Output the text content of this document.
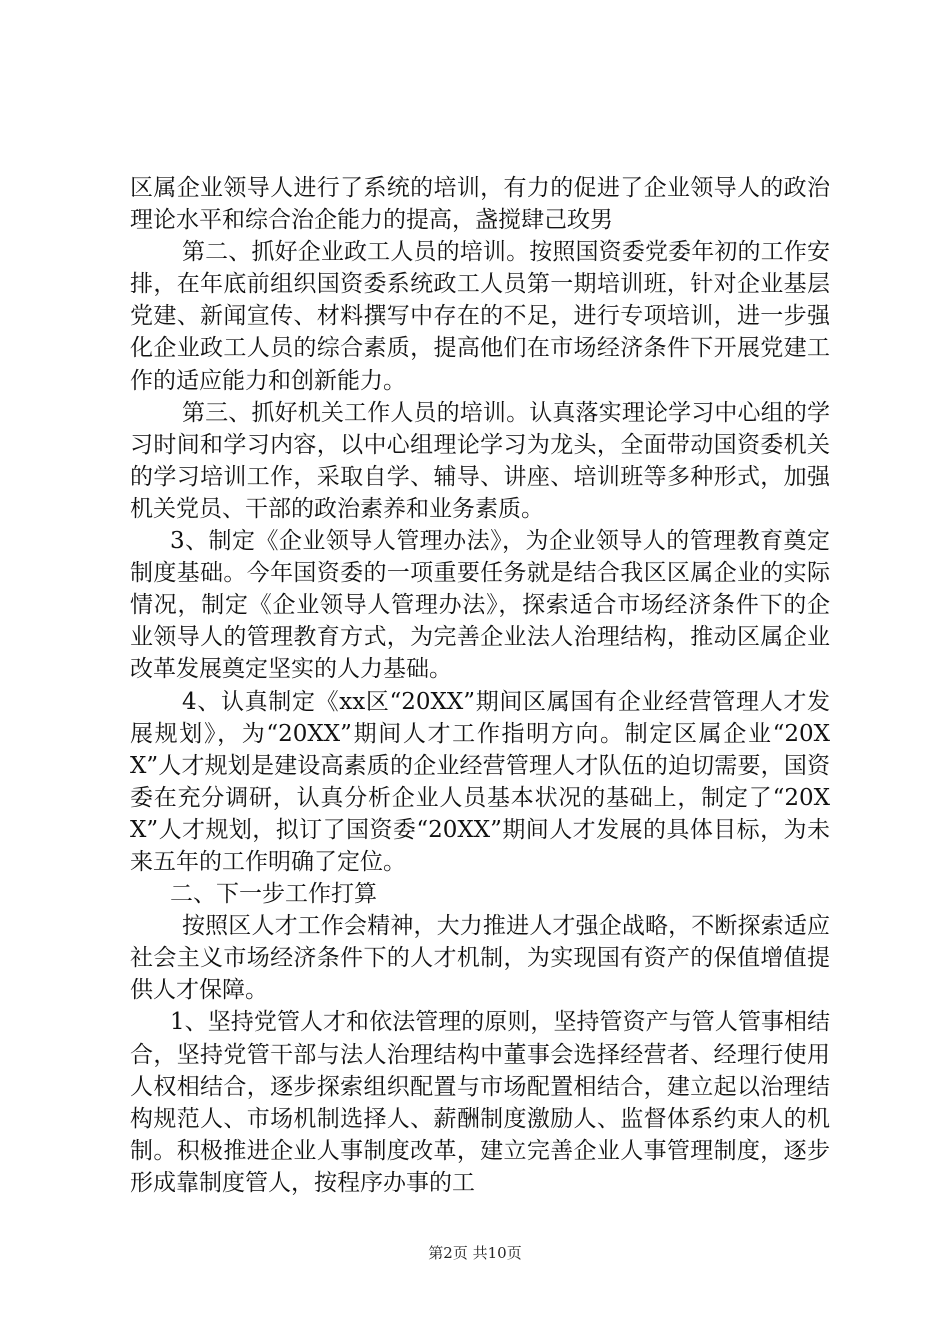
区属企业领导人进行了系统的培训，有力的促进了企业领导人的政治理论水平和综合治企能力的提高，盏搅肆己玫男

第二、抓好企业政工人员的培训。按照国资委党委年初的工作安排，在年底前组织国资委系统政工人员第一期培训班，针对企业基层党建、新闻宣传、材料撰写中存在的不足，进行专项培训，进一步强化企业政工人员的综合素质，提高他们在市场经济条件下开展党建工作的适应能力和创新能力。

第三、抓好机关工作人员的培训。认真落实理论学习中心组的学习时间和学习内容，以中心组理论学习为龙头，全面带动国资委机关的学习培训工作，采取自学、辅导、讲座、培训班等多种形式，加强机关党员、干部的政治素养和业务素质。

3、制定《企业领导人管理办法》，为企业领导人的管理教育奠定制度基础。今年国资委的一项重要任务就是结合我区区属企业的实际情况，制定《企业领导人管理办法》，探索适合市场经济条件下的企业领导人的管理教育方式，为完善企业法人治理结构，推动区属企业改革发展奠定坚实的人力基础。

4、认真制定《xx区“20XX”期间区属国有企业经营管理人才发展规划》，为“20XX”期间人才工作指明方向。制定区属企业“20XX”人才规划是建设高素质的企业经营管理人才队伍的迫切需要，国资委在充分调研，认真分析企业人员基本状况的基础上，制定了“20XX”人才规划，拟订了国资委“20XX”期间人才发展的具体目标，为未来五年的工作明确了定位。

二、下一步工作打算

按照区人才工作会精神，大力推进人才强企战略，不断探索适应社会主义市场经济条件下的人才机制，为实现国有资产的保值增值提供人才保障。

1、坚持党管人才和依法管理的原则，坚持管资产与管人管事相结合，坚持党管干部与法人治理结构中董事会选择经营者、经理行使用人权相结合，逐步探索组织配置与市场配置相结合，建立起以治理结构规范人、市场机制选择人、薪酬制度激励人、监督体系约束人的机制。积极推进企业人事制度改革，建立完善企业人事管理制度，逐步形成靠制度管人，按程序办事的工

第2页 共10页
